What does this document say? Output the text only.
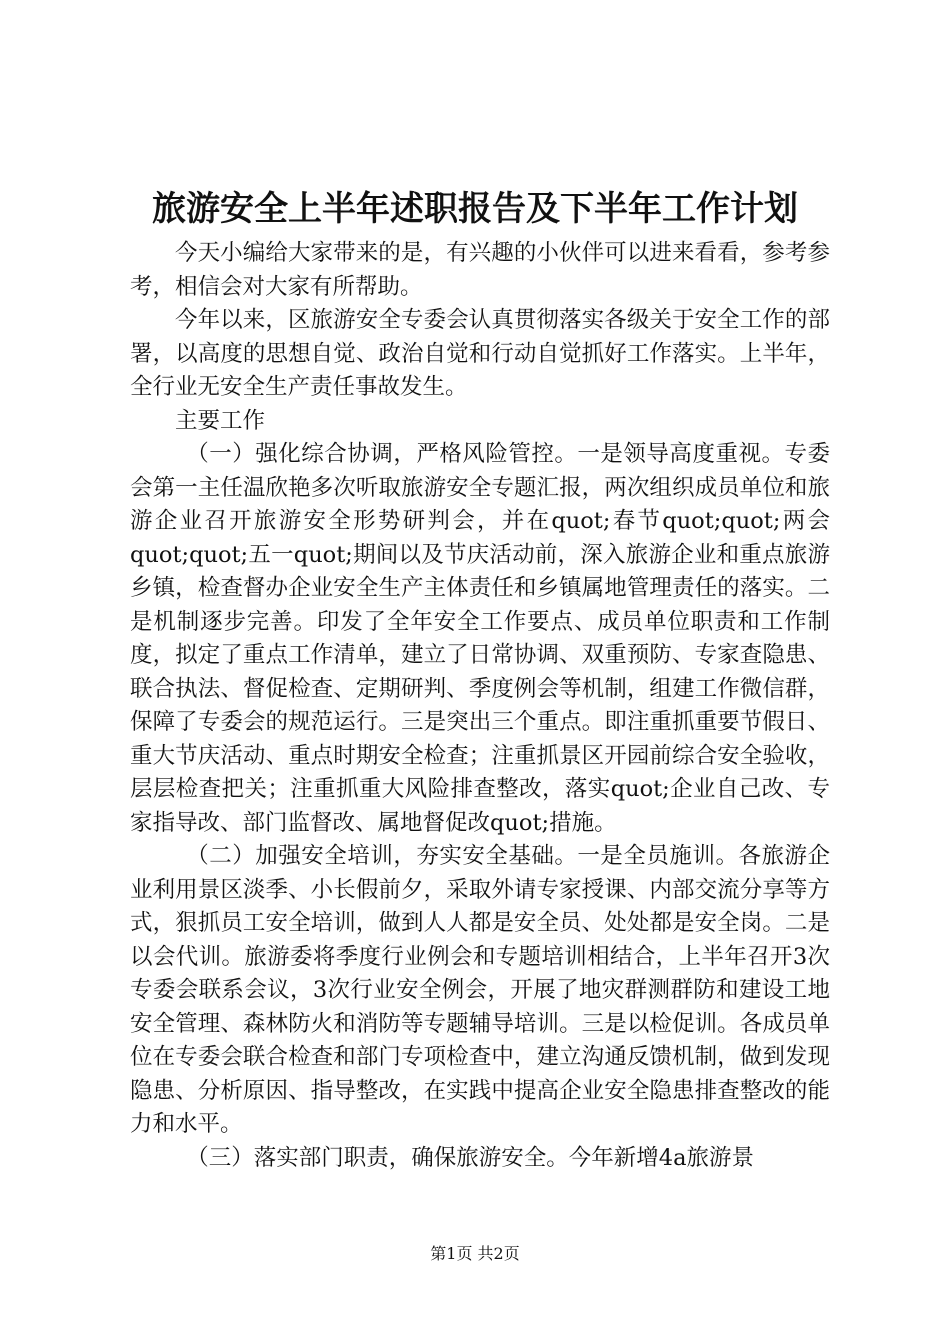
旅游安全上半年述职报告及下半年工作计划

今天小编给大家带来的是，有兴趣的小伙伴可以进来看看，参考参考，相信会对大家有所帮助。

今年以来，区旅游安全专委会认真贯彻落实各级关于安全工作的部署，以高度的思想自觉、政治自觉和行动自觉抓好工作落实。上半年，全行业无安全生产责任事故发生。

主要工作

（一）强化综合协调，严格风险管控。一是领导高度重视。专委会第一主任温欣艳多次听取旅游安全专题汇报，两次组织成员单位和旅游企业召开旅游安全形势研判会，并在quot;春节quot;quot;两会quot;quot;五一quot;期间以及节庆活动前，深入旅游企业和重点旅游乡镇，检查督办企业安全生产主体责任和乡镇属地管理责任的落实。二是机制逐步完善。印发了全年安全工作要点、成员单位职责和工作制度，拟定了重点工作清单，建立了日常协调、双重预防、专家查隐患、联合执法、督促检查、定期研判、季度例会等机制，组建工作微信群，保障了专委会的规范运行。三是突出三个重点。即注重抓重要节假日、重大节庆活动、重点时期安全检查；注重抓景区开园前综合安全验收，层层检查把关；注重抓重大风险排查整改，落实quot;企业自己改、专家指导改、部门监督改、属地督促改quot;措施。

（二）加强安全培训，夯实安全基础。一是全员施训。各旅游企业利用景区淡季、小长假前夕，采取外请专家授课、内部交流分享等方式，狠抓员工安全培训，做到人人都是安全员、处处都是安全岗。二是以会代训。旅游委将季度行业例会和专题培训相结合，上半年召开3次专委会联系会议，3次行业安全例会，开展了地灾群测群防和建设工地安全管理、森林防火和消防等专题辅导培训。三是以检促训。各成员单位在专委会联合检查和部门专项检查中，建立沟通反馈机制，做到发现隐患、分析原因、指导整改，在实践中提高企业安全隐患排查整改的能力和水平。

（三）落实部门职责，确保旅游安全。今年新增4a旅游景

第1页 共2页
